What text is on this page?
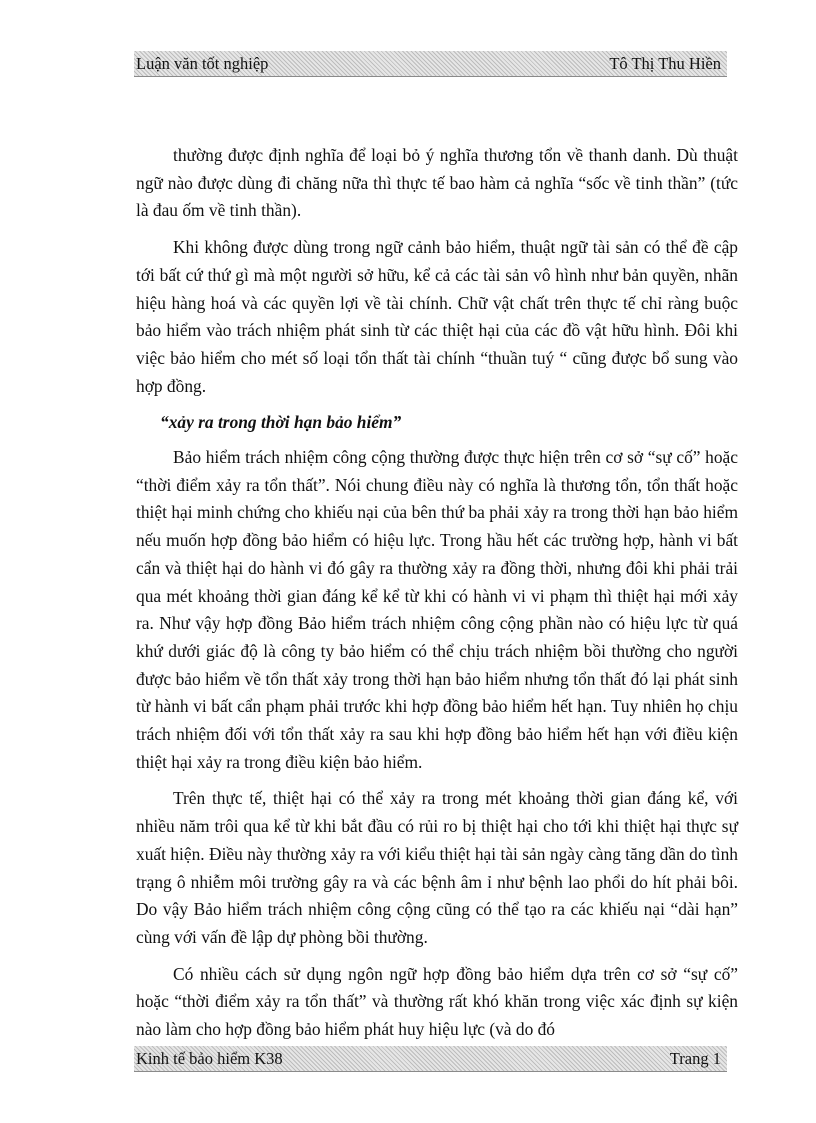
Luận văn tốt nghiệp	Tô Thị Thu Hiền

thường được định nghĩa để loại bỏ ý nghĩa thương tổn về thanh danh. Dù thuật ngữ nào được dùng đi chăng nữa thì thực tế bao hàm cả nghĩa “sốc về tinh thần” (tức là đau ốm về tinh thần).

Khi không được dùng trong ngữ cảnh bảo hiểm, thuật ngữ tài sản có thể đề cập tới bất cứ thứ gì mà một người sở hữu, kể cả các tài sản vô hình như bản quyền, nhãn hiệu hàng hoá và các quyền lợi về tài chính. Chữ vật chất trên thực tế chỉ ràng buộc bảo hiểm vào trách nhiệm phát sinh từ các thiệt hại của các đồ vật hữu hình. Đôi khi việc bảo hiểm cho mét số loại tổn thất tài chính “thuần tuý “ cũng được bổ sung vào hợp đồng.

“xảy ra trong thời hạn bảo hiểm”

Bảo hiểm trách nhiệm công cộng thường được thực hiện trên cơ sở “sự cố” hoặc “thời điểm xảy ra tổn thất”. Nói chung điều này có nghĩa là thương tổn, tổn thất hoặc thiệt hại minh chứng cho khiếu nại của bên thứ ba phải xảy ra trong thời hạn bảo hiểm nếu muốn hợp đồng bảo hiểm có hiệu lực. Trong hầu hết các trường hợp, hành vi bất cẩn và thiệt hại do hành vi đó gây ra thường xảy ra đồng thời, nhưng đôi khi phải trải qua mét khoảng thời gian đáng kể kể từ khi có hành vi vi phạm thì thiệt hại mới xảy ra. Như vậy hợp đồng Bảo hiểm trách nhiệm công cộng phần nào có hiệu lực từ quá khứ dưới giác độ là công ty bảo hiểm có thể chịu trách nhiệm bồi thường cho người được bảo hiểm về tổn thất xảy trong thời hạn bảo hiểm nhưng tổn thất đó lại phát sinh từ hành vi bất cẩn phạm phải trước khi hợp đồng bảo hiểm hết hạn. Tuy nhiên họ chịu trách nhiệm đối với tổn thất xảy ra sau khi hợp đồng bảo hiểm hết hạn với điều kiện thiệt hại xảy ra trong điều kiện bảo hiểm.

Trên thực tế, thiệt hại có thể xảy ra trong mét khoảng thời gian đáng kể, với nhiều năm trôi qua kể từ khi bắt đầu có rủi ro bị thiệt hại cho tới khi thiệt hại thực sự xuất hiện. Điều này thường xảy ra với kiểu thiệt hại tài sản ngày càng tăng dần do tình trạng ô nhiễm môi trường gây ra và các bệnh âm ỉ như bệnh lao phổi do hít phải bôi. Do vậy Bảo hiểm trách nhiệm công cộng cũng có thể tạo ra các khiếu nại “dài hạn” cùng với vấn đề lập dự phòng bồi thường.

Có nhiều cách sử dụng ngôn ngữ hợp đồng bảo hiểm dựa trên cơ sở “sự cố” hoặc “thời điểm xảy ra tổn thất” và thường rất khó khăn trong việc xác định sự kiện nào làm cho hợp đồng bảo hiểm phát huy hiệu lực (và do đó

Kinh tế bảo hiểm K38	Trang 1
